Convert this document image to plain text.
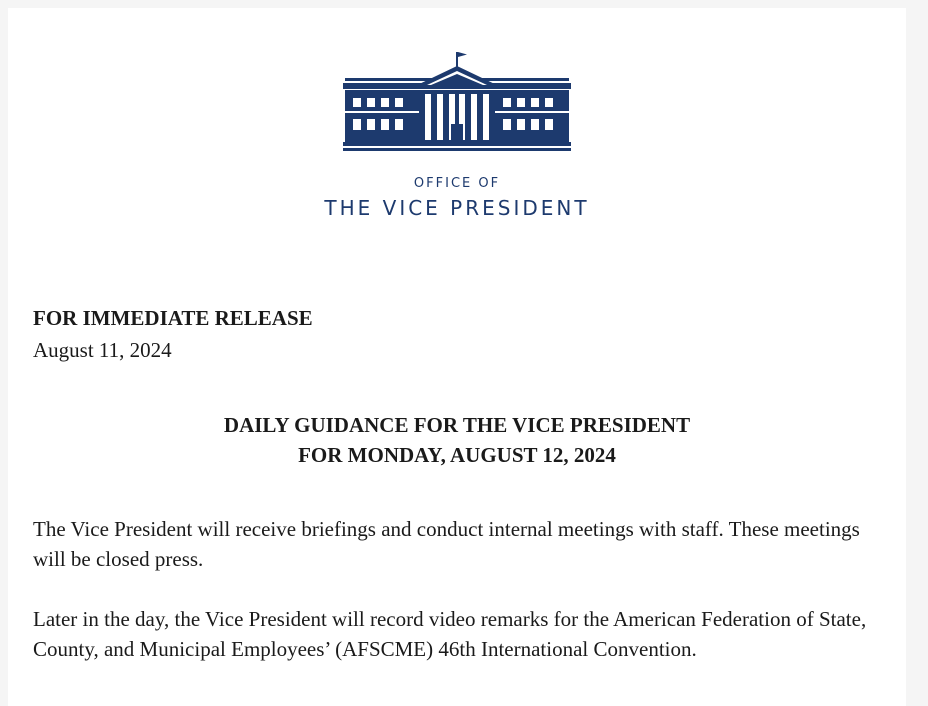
OFFICE OF
THE VICE PRESIDENT
FOR IMMEDIATE RELEASE
August 11, 2024
DAILY GUIDANCE FOR THE VICE PRESIDENT
FOR MONDAY, AUGUST 12, 2024
The Vice President will receive briefings and conduct internal meetings with staff. These meetings will be closed press.
Later in the day, the Vice President will record video remarks for the American Federation of State, County, and Municipal Employees’ (AFSCME) 46th International Convention.
